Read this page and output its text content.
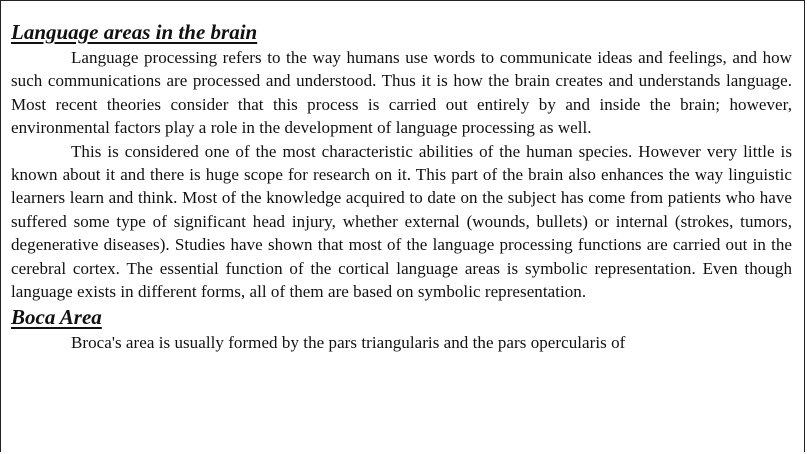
Language areas in the brain

Language processing refers to the way humans use words to communicate ideas and feelings, and how such communications are processed and understood. Thus it is how the brain creates and understands language. Most recent theories consider that this process is carried out entirely by and inside the brain; however, environmental factors play a role in the development of language processing as well.

This is considered one of the most characteristic abilities of the human species. However very little is known about it and there is huge scope for research on it. This part of the brain also enhances the way linguistic learners learn and think. Most of the knowledge acquired to date on the subject has come from patients who have suffered some type of significant head injury, whether external (wounds, bullets) or internal (strokes, tumors, degenerative diseases). Studies have shown that most of the language processing functions are carried out in the cerebral cortex. The essential function of the cortical language areas is symbolic representation. Even though language exists in different forms, all of them are based on symbolic representation.

Boca Area

Broca's area is usually formed by the pars triangularis and the pars opercularis of
